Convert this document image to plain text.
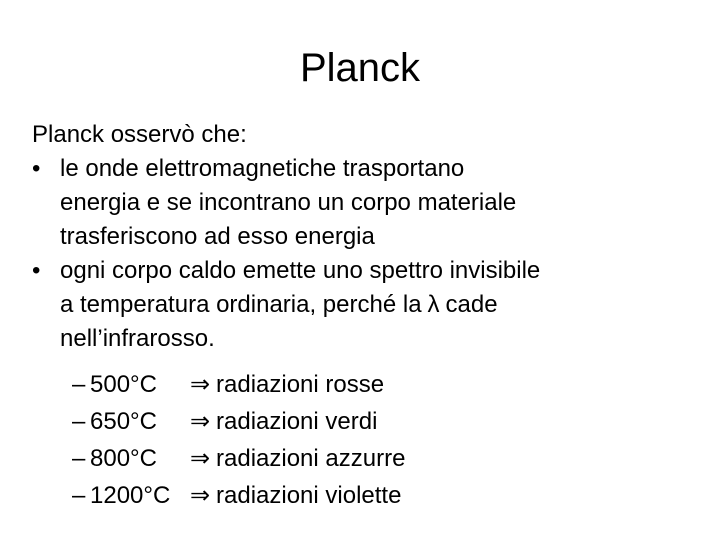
Planck
Planck osservò che:
• le onde elettromagnetiche trasportano
energia e se incontrano un corpo materiale
trasferiscono ad esso energia
• ogni corpo caldo emette uno spettro invisibile
a temperatura ordinaria, perché la λ cade
nell’infrarosso.
– 500°C	⇒ radiazioni rosse
– 650°C	⇒ radiazioni verdi
– 800°C	⇒ radiazioni azzurre
– 1200°C ⇒ radiazioni violette
